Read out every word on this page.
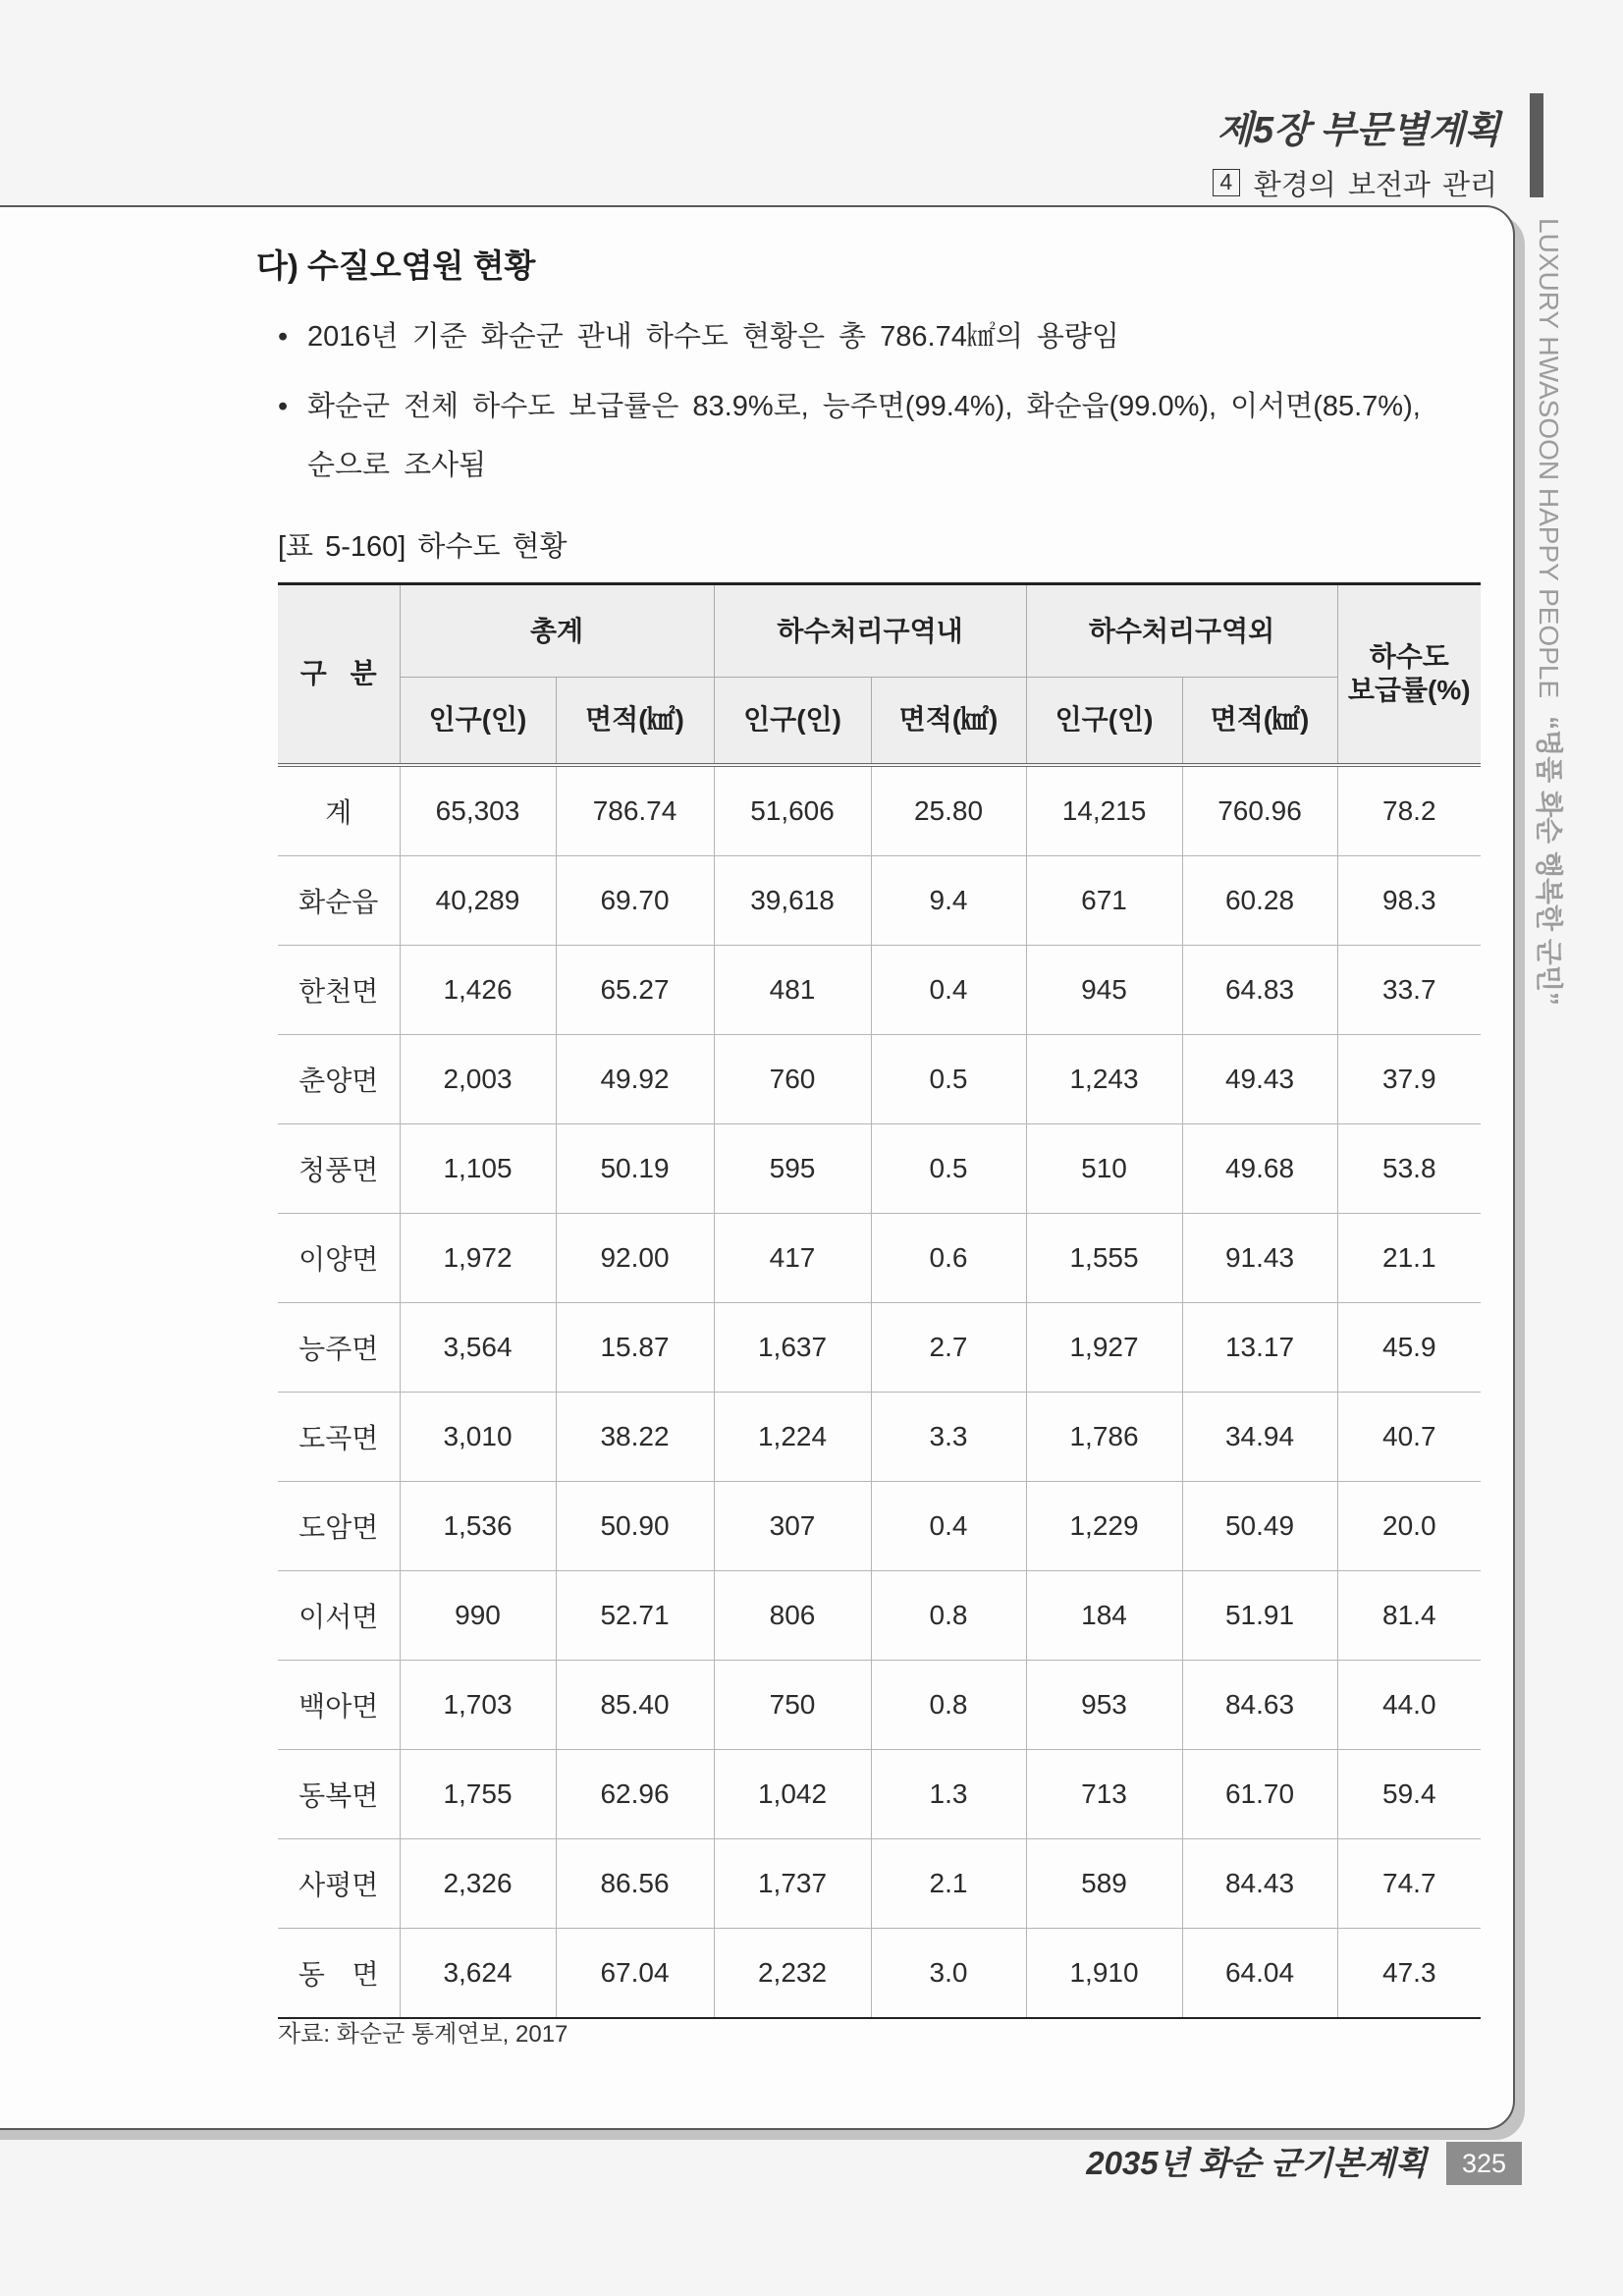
제5장 부문별계획
4 환경의 보전과 관리
LUXURY HWASOON HAPPY PEOPLE“명품 화순 행복한 군민”
다) 수질오염원 현황
• 2016년 기준 화순군 관내 하수도 현황은 총 786.74㎢의 용량임
• 화순군 전체 하수도 보급률은 83.9%로, 능주면(99.4%), 화순읍(99.0%), 이서면(85.7%),
순으로 조사됨
[표 5-160] 하수도 현황
구 분	총계		하수처리구역내		하수처리구역외		하수도
보급률(%)
	인구(인)	면적(㎢)	인구(인)	면적(㎢)	인구(인)	면적(㎢)	
계	65,303	786.74	51,606	25.80	14,215	760.96	78.2
화순읍	40,289	69.70	39,618	9.4	671	60.28	98.3
한천면	1,426	65.27	481	0.4	945	64.83	33.7
춘양면	2,003	49.92	760	0.5	1,243	49.43	37.9
청풍면	1,105	50.19	595	0.5	510	49.68	53.8
이양면	1,972	92.00	417	0.6	1,555	91.43	21.1
능주면	3,564	15.87	1,637	2.7	1,927	13.17	45.9
도곡면	3,010	38.22	1,224	3.3	1,786	34.94	40.7
도암면	1,536	50.90	307	0.4	1,229	50.49	20.0
이서면	990	52.71	806	0.8	184	51.91	81.4
백아면	1,703	85.40	750	0.8	953	84.63	44.0
동복면	1,755	62.96	1,042	1.3	713	61.70	59.4
사평면	2,326	86.56	1,737	2.1	589	84.43	74.7
동 면	3,624	67.04	2,232	3.0	1,910	64.04	47.3
자료: 화순군 통계연보, 2017
2035년 화순 군기본계획	325
